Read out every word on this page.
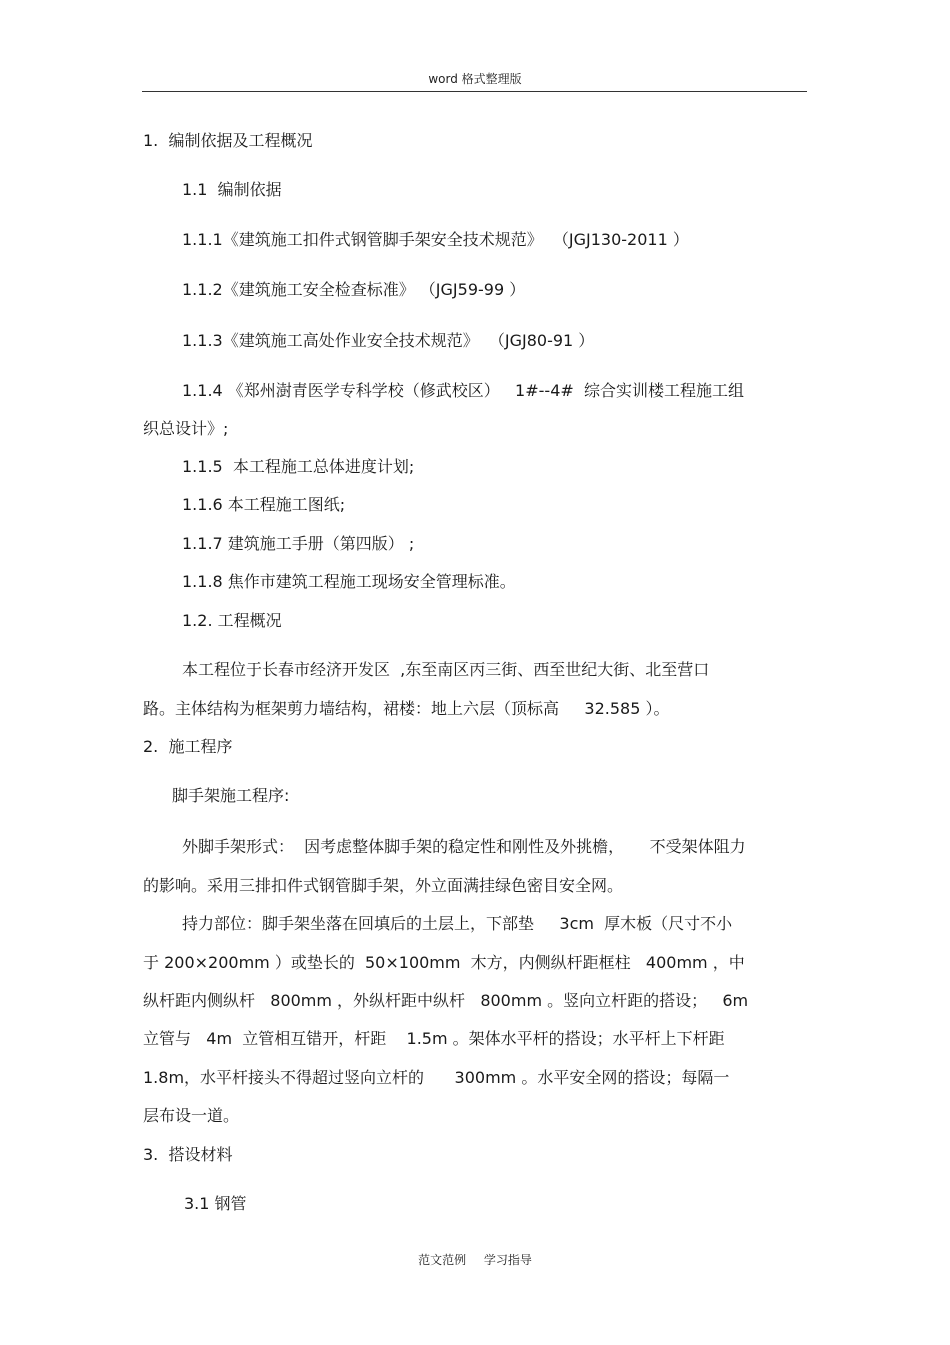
word 格式整理版
1.  编制依据及工程概况
1.1  编制依据
1.1.1《建筑施工扣件式钢管脚手架安全技术规范》  （JGJ130-2011 ）
1.1.2《建筑施工安全检查标准》 （JGJ59-99 ）
1.1.3《建筑施工高处作业安全技术规范》  （JGJ80-91 ）
1.1.4 《郑州澍青医学专科学校（修武校区）   1#--4#  综合实训楼工程施工组
织总设计》;
1.1.5  本工程施工总体进度计划;
1.1.6 本工程施工图纸;
1.1.7 建筑施工手册（第四版） ;
1.1.8 焦作市建筑工程施工现场安全管理标准。
1.2. 工程概况
本工程位于长春市经济开发区  ,东至南区丙三街、西至世纪大街、北至营口
路。主体结构为框架剪力墙结构，裙楼：地上六层（顶标高     32.585 ）。
2.  施工程序
脚手架施工程序:
外脚手架形式：  因考虑整体脚手架的稳定性和刚性及外挑檐，     不受架体阻力
的影响。采用三排扣件式钢管脚手架，外立面满挂绿色密目安全网。
持力部位：脚手架坐落在回填后的土层上，下部垫     3cm  厚木板（尺寸不小
于 200×200mm ）或垫长的  50×100mm  木方，内侧纵杆距框柱   400mm ，中
纵杆距内侧纵杆   800mm ，外纵杆距中纵杆   800mm 。竖向立杆距的搭设；   6m
立管与   4m  立管相互错开，杆距    1.5m 。架体水平杆的搭设；水平杆上下杆距
1.8m，水平杆接头不得超过竖向立杆的      300mm 。水平安全网的搭设；每隔一
层布设一道。
3.  搭设材料
3.1 钢管
范文范例 学习指导
